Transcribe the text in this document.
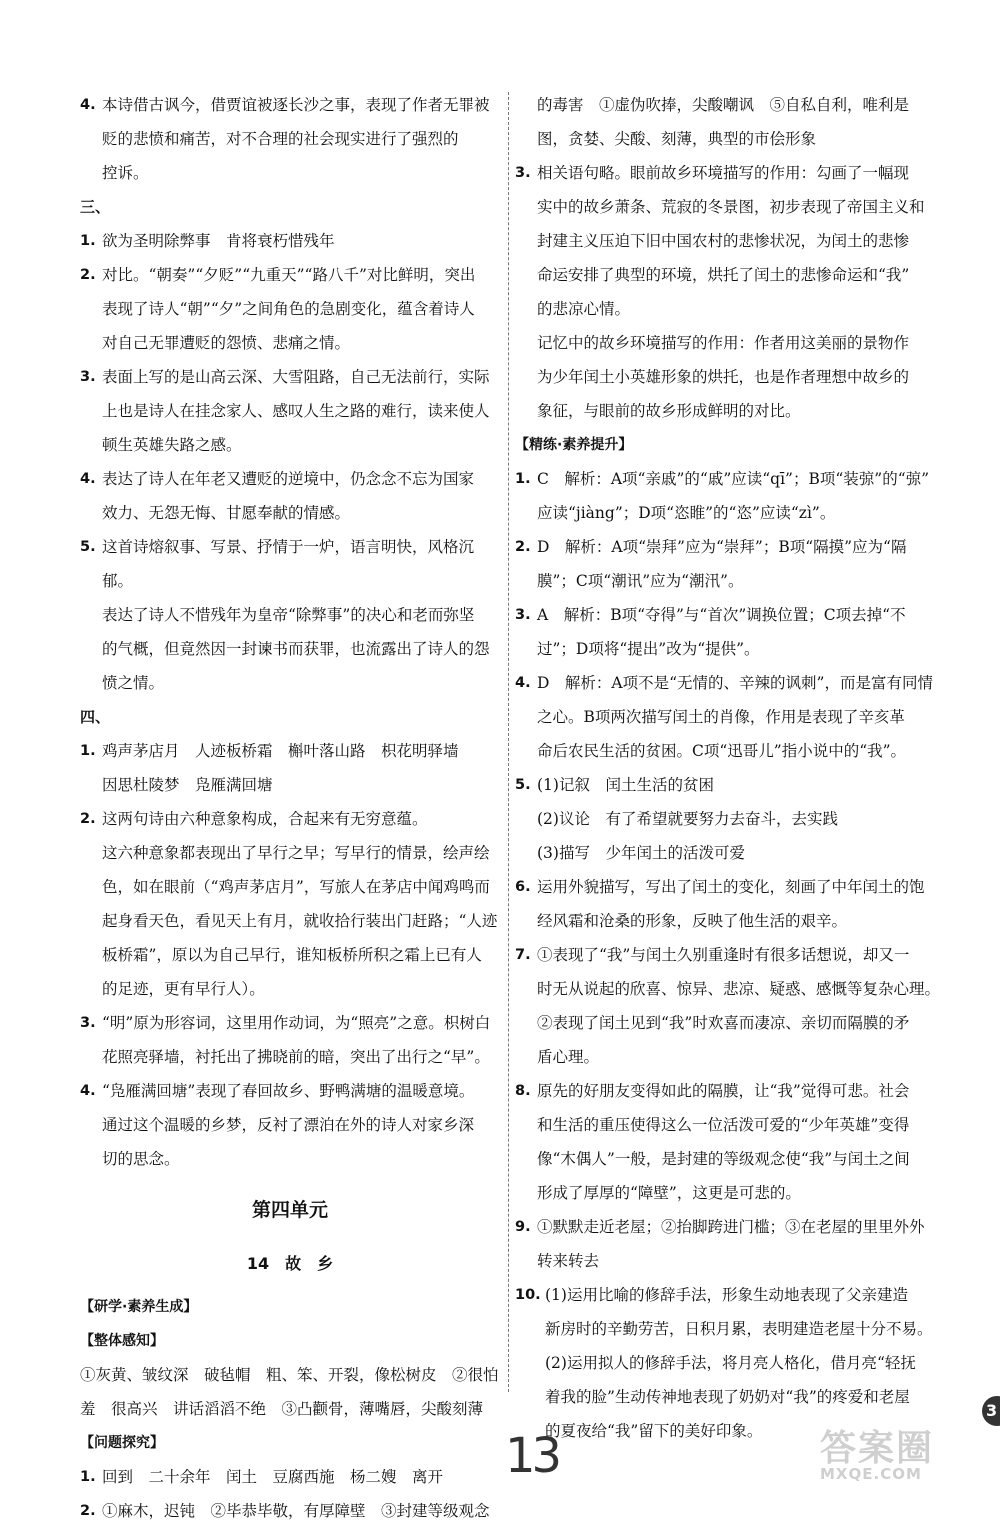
4. 本诗借古讽今，借贾谊被逐长沙之事，表现了作者无罪被
贬的悲愤和痛苦，对不合理的社会现实进行了强烈的
控诉。
三、
1. 欲为圣明除弊事　肯将衰朽惜残年
2. 对比。“朝奏”“夕贬”“九重天”“路八千”对比鲜明，突出
表现了诗人“朝”“夕”之间角色的急剧变化，蕴含着诗人
对自己无罪遭贬的怨愤、悲痛之情。
3. 表面上写的是山高云深、大雪阻路，自己无法前行，实际
上也是诗人在挂念家人、感叹人生之路的难行，读来使人
顿生英雄失路之感。
4. 表达了诗人在年老又遭贬的逆境中，仍念念不忘为国家
效力、无怨无悔、甘愿奉献的情感。
5. 这首诗熔叙事、写景、抒情于一炉，语言明快，风格沉郁。
表达了诗人不惜残年为皇帝“除弊事”的决心和老而弥坚
的气概，但竟然因一封谏书而获罪，也流露出了诗人的怨
愤之情。
四、
1. 鸡声茅店月　人迹板桥霜　槲叶落山路　枳花明驿墙
因思杜陵梦　凫雁满回塘
2. 这两句诗由六种意象构成，合起来有无穷意蕴。
这六种意象都表现出了早行之早；写早行的情景，绘声绘
色，如在眼前（“鸡声茅店月”，写旅人在茅店中闻鸡鸣而
起身看天色，看见天上有月，就收拾行装出门赶路；“人迹
板桥霜”，原以为自己早行，谁知板桥所积之霜上已有人
的足迹，更有早行人）。
3. “明”原为形容词，这里用作动词，为“照亮”之意。枳树白
花照亮驿墙，衬托出了拂晓前的暗，突出了出行之“早”。
4. “凫雁满回塘”表现了春回故乡、野鸭满塘的温暖意境。
通过这个温暖的乡梦，反衬了漂泊在外的诗人对家乡深
切的思念。
第四单元
14　故　乡
【研学·素养生成】
【整体感知】
①灰黄、皱纹深　破毡帽　粗、笨、开裂，像松树皮　②很怕
羞　很高兴　讲话滔滔不绝　③凸颧骨，薄嘴唇，尖酸刻薄
【问题探究】
1. 回到　二十余年　闰土　豆腐西施　杨二嫂　离开
2. ①麻木，迟钝　②毕恭毕敬，有厚障壁　③封建等级观念
的毒害　①虚伪吹捧，尖酸嘲讽　⑤自私自利，唯利是
图，贪婪、尖酸、刻薄，典型的市侩形象
3. 相关语句略。眼前故乡环境描写的作用：勾画了一幅现
实中的故乡萧条、荒寂的冬景图，初步表现了帝国主义和
封建主义压迫下旧中国农村的悲惨状况，为闰土的悲惨
命运安排了典型的环境，烘托了闰土的悲惨命运和“我”
的悲凉心情。
记忆中的故乡环境描写的作用：作者用这美丽的景物作
为少年闰土小英雄形象的烘托，也是作者理想中故乡的
象征，与眼前的故乡形成鲜明的对比。
【精练·素养提升】
1. C　解析：A项“亲戚”的“戚”应读“qī”；B项“装弶”的“弶”
应读“jiàng”；D项“恣睢”的“恣”应读“zì”。
2. D　解析：A项“崇拜”应为“崇拜”；B项“隔摸”应为“隔
膜”；C项“潮讯”应为“潮汛”。
3. A　解析：B项“夺得”与“首次”调换位置；C项去掉“不
过”；D项将“提出”改为“提供”。
4. D　解析：A项不是“无情的、辛辣的讽刺”，而是富有同情
之心。B项两次描写闰土的肖像，作用是表现了辛亥革
命后农民生活的贫困。C项“迅哥儿”指小说中的“我”。
5. (1)记叙　闰土生活的贫困
(2)议论　有了希望就要努力去奋斗，去实践
(3)描写　少年闰土的活泼可爱
6. 运用外貌描写，写出了闰土的变化，刻画了中年闰土的饱
经风霜和沧桑的形象，反映了他生活的艰辛。
7. ①表现了“我”与闰土久别重逢时有很多话想说，却又一
时无从说起的欣喜、惊异、悲凉、疑惑、感慨等复杂心理。
②表现了闰土见到“我”时欢喜而凄凉、亲切而隔膜的矛
盾心理。
8. 原先的好朋友变得如此的隔膜，让“我”觉得可悲。社会
和生活的重压使得这么一位活泼可爱的“少年英雄”变得
像“木偶人”一般，是封建的等级观念使“我”与闰土之间
形成了厚厚的“障壁”，这更是可悲的。
9. ①默默走近老屋；②抬脚跨进门槛；③在老屋的里里外外
转来转去
10. (1)运用比喻的修辞手法，形象生动地表现了父亲建造
新房时的辛勤劳苦，日积月累，表明建造老屋十分不易。
(2)运用拟人的修辞手法，将月亮人格化，借月亮“轻抚
着我的脸”生动传神地表现了奶奶对“我”的疼爱和老屋
的夏夜给“我”留下的美好印象。
13
3
答案圈
MXQE.COM
